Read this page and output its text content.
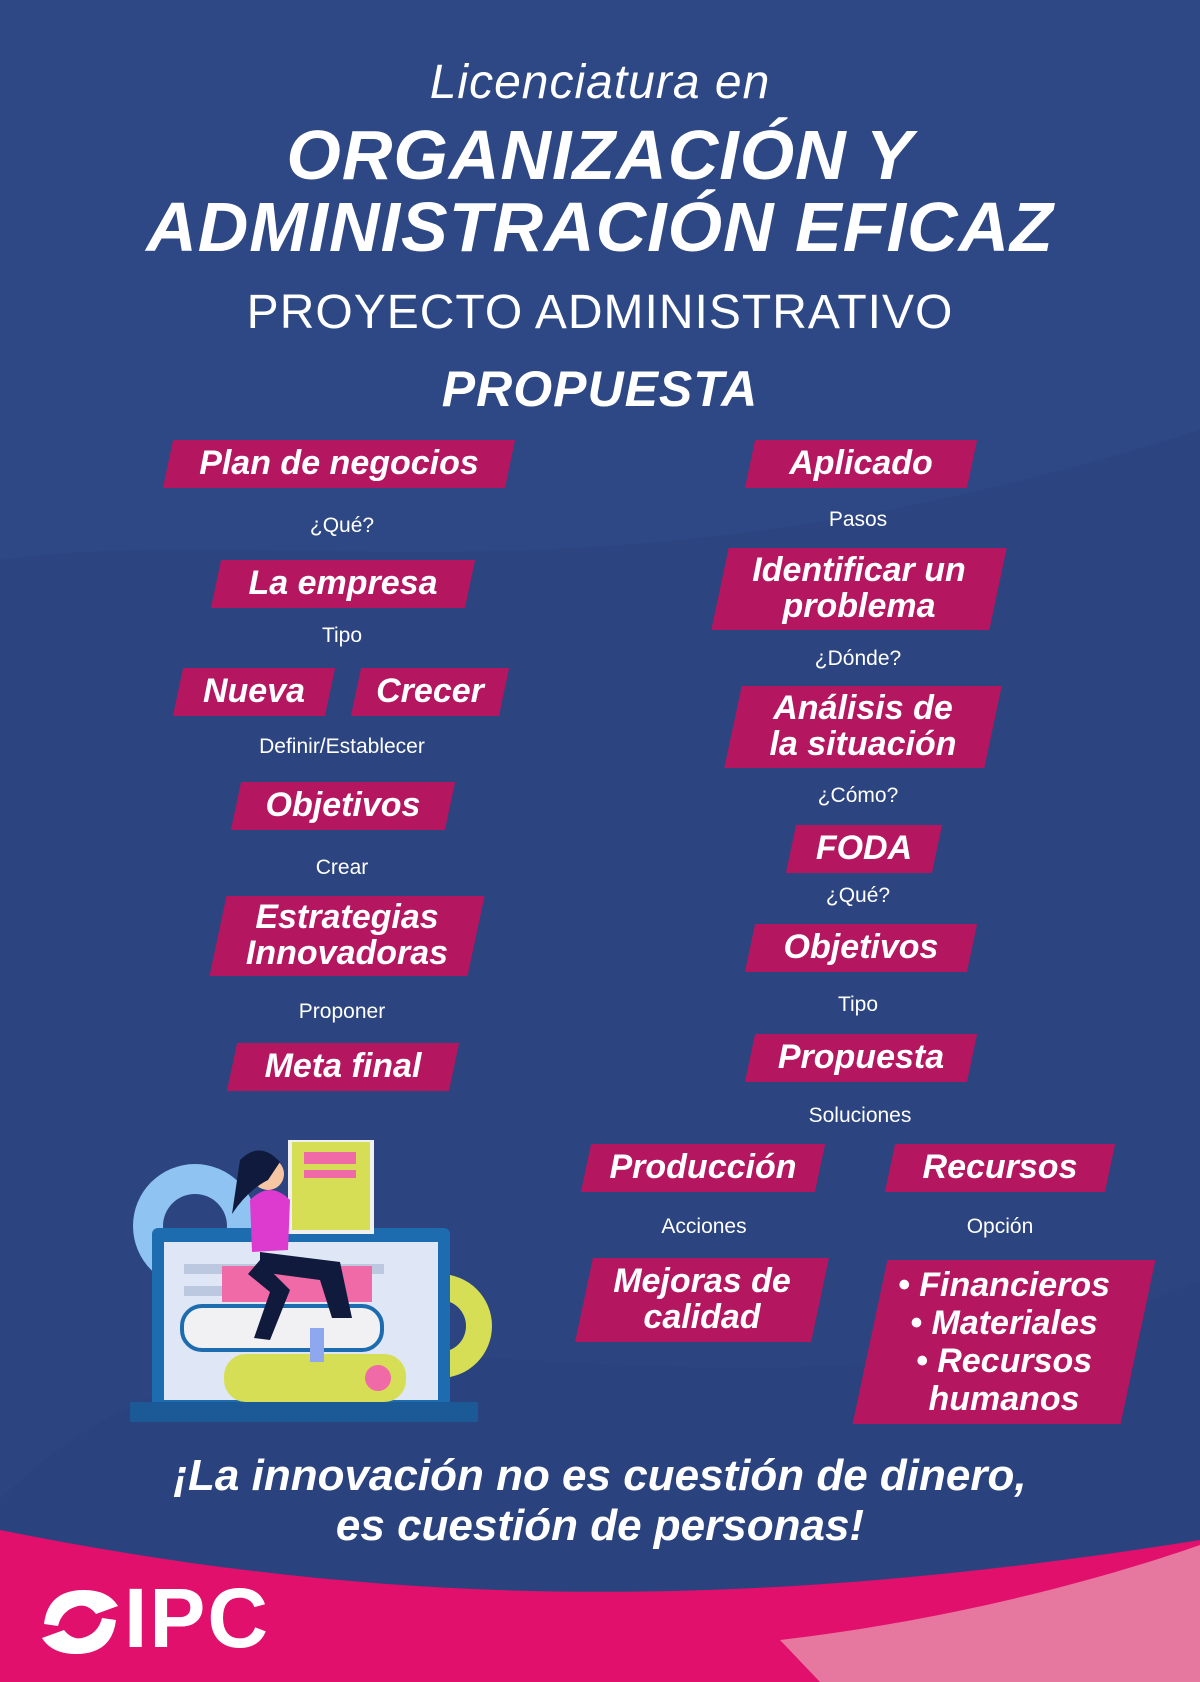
Licenciatura en
ORGANIZACIÓN Y
ADMINISTRACIÓN EFICAZ
PROYECTO ADMINISTRATIVO
PROPUESTA
Plan de negocios
¿Qué?
La empresa
Tipo
Nueva Crecer
Definir/Establecer
Objetivos
Crear
Estrategias
Innovadoras
Proponer
Meta final
Aplicado
Pasos
Identificar un
problema
¿Dónde?
Análisis de
la situación
¿Cómo?
FODA
¿Qué?
Objetivos
Tipo
Propuesta
Soluciones
Producción	Recursos
Acciones	Opción
Mejoras de
calidad
• Financieros
• Materiales
• Recursos
humanos
¡La innovación no es cuestión de dinero,
es cuestión de personas!
IPC
